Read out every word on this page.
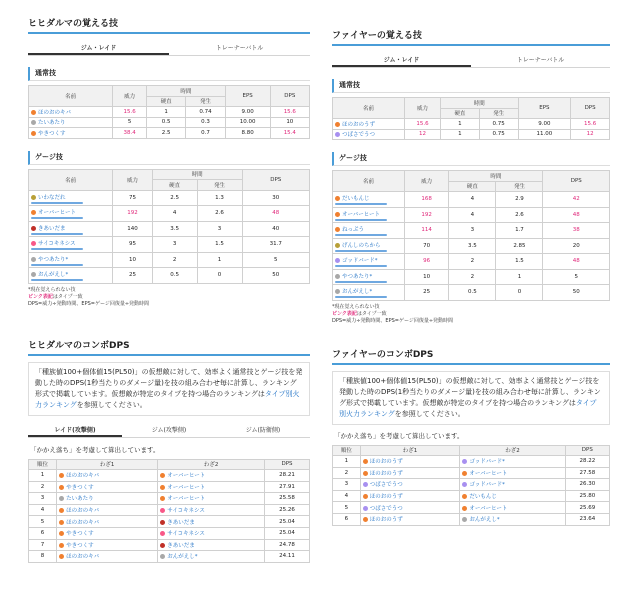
ヒヒダルマの覚える技
ジム・レイド	トレーナーバトル
通常技
名前	威力	時間		EPS	DPS
		硬直	発生		
ほのおのキバ	15.6	1	0.74	9.00	15.6
たいあたり	5	0.5	0.3	10.00	10
やきつくす	38.4	2.5	0.7	8.80	15.4
ゲージ技
名前	威力	時間		DPS
		硬直	発生	
いわなだれ	75	2.5	1.3	30
オーバーヒート	192	4	2.6	48
きあいだま	140	3.5	3	40
サイコキネシス	95	3	1.5	31.7
やつあたり*	10	2	1	5
おんがえし*	25	0.5	0	50
*現在覚えられない技
ピンク表記はタイプ一致
DPS=威力÷発動時間、EPS=ゲージ回復量÷発動時間
ヒヒダルマのコンボDPS
「種族値100+個体値15(PL50)」の仮想敵に対して、効率よく通常技とゲージ技を発動した時のDPS(1秒当たりのダメージ量)を技の組み合わせ毎に計算し、ランキング形式で掲載しています。仮想敵が特定のタイプを持つ場合のランキングはタイプ別火力ランキングを参照してください。
レイド(攻撃側)	ジム(攻撃側)	ジム(防衛側)
「かかえ落ち」を考慮して算出しています。
順位	わざ1	わざ2	DPS
1	ほのおのキバ	オーバーヒート	28.21
2	やきつくす	オーバーヒート	27.91
3	たいあたり	オーバーヒート	25.58
4	ほのおのキバ	サイコキネシス	25.26
5	ほのおのキバ	きあいだま	25.04
6	やきつくす	サイコキネシス	25.04
7	やきつくす	きあいだま	24.78
8	ほのおのキバ	おんがえし*	24.11
ファイヤーの覚える技
ジム・レイド	トレーナーバトル
通常技
名前	威力	時間		EPS	DPS
		硬直	発生		
ほのおのうず	15.6	1	0.75	9.00	15.6
つばさでうつ	12	1	0.75	11.00	12
ゲージ技
名前	威力	時間		DPS
		硬直	発生	
だいもんじ	168	4	2.9	42
オーバーヒート	192	4	2.6	48
ねっぷう	114	3	1.7	38
げんしのちから	70	3.5	2.85	20
ゴッドバード*	96	2	1.5	48
やつあたり*	10	2	1	5
おんがえし*	25	0.5	0	50
*現在覚えられない技
ピンク表記はタイプ一致
DPS=威力÷発動時間、EPS=ゲージ回復量÷発動時間
ファイヤーのコンボDPS
「種族値100+個体値15(PL50)」の仮想敵に対して、効率よく通常技とゲージ技を発動した時のDPS(1秒当たりのダメージ量)を技の組み合わせ毎に計算し、ランキング形式で掲載しています。仮想敵が特定のタイプを持つ場合のランキングはタイプ別火力ランキングを参照してください。
「かかえ落ち」を考慮して算出しています。
順位	わざ1	わざ2	DPS
1	ほのおのうず	ゴッドバード*	28.22
2	ほのおのうず	オーバーヒート	27.58
3	つばさでうつ	ゴッドバード*	26.30
4	ほのおのうず	だいもんじ	25.80
5	つばさでうつ	オーバーヒート	25.69
6	ほのおのうず	おんがえし*	23.64
